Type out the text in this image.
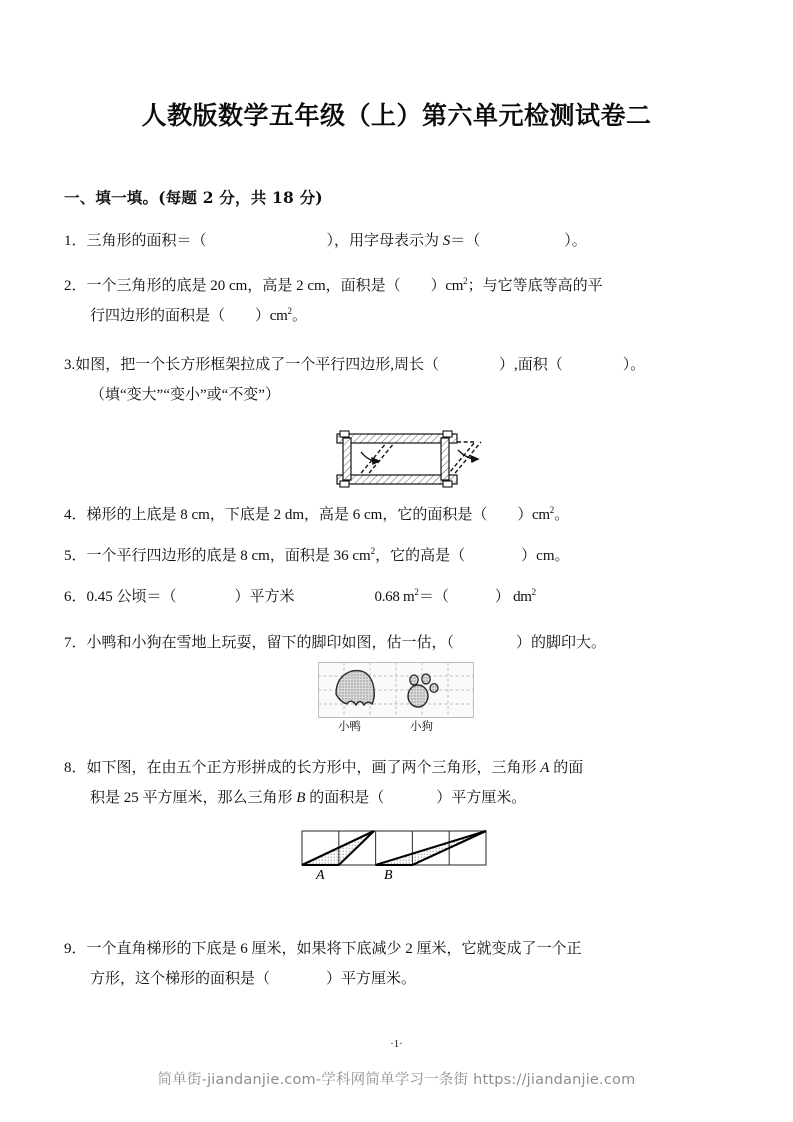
人教版数学五年级（上）第六单元检测试卷二
一、填一填。(每题 2 分，共 18 分)
1．三角形的面积＝（	），用字母表示为 S＝（	）。
2．一个三角形的底是 20 cm，高是 2 cm，面积是（ ）$cm^2$；与它等底等高的平
行四边形的面积是（ ）$cm^2$。
3.如图，把一个长方形框架拉成了一个平行四边形,周长（	）,面积（	）。
（填“变大”“变小”或“不变”）
4．梯形的上底是 8 cm，下底是 2 dm，高是 6 cm，它的面积是（ ）$cm^2$。
5．一个平行四边形的底是 8 cm，面积是 36 $cm^2$，它的高是（	）cm。
6．0.45 公顷＝（	）平方米	0.68 $m^2=$（	） $dm^2$
7．小鸭和小狗在雪地上玩耍，留下的脚印如图，估一估，（	）的脚印大。
小鸭	小狗
8．如下图，在由五个正方形拼成的长方形中，画了两个三角形，三角形 A 的面
积是 25 平方厘米，那么三角形 B 的面积是（	）平方厘米。
A	B
9．一个直角梯形的下底是 6 厘米，如果将下底减少 2 厘米，它就变成了一个正
方形，这个梯形的面积是（	）平方厘米。
·1·
简单街-jiandanjie.com-学科网简单学习一条街 https://jiandanjie.com
